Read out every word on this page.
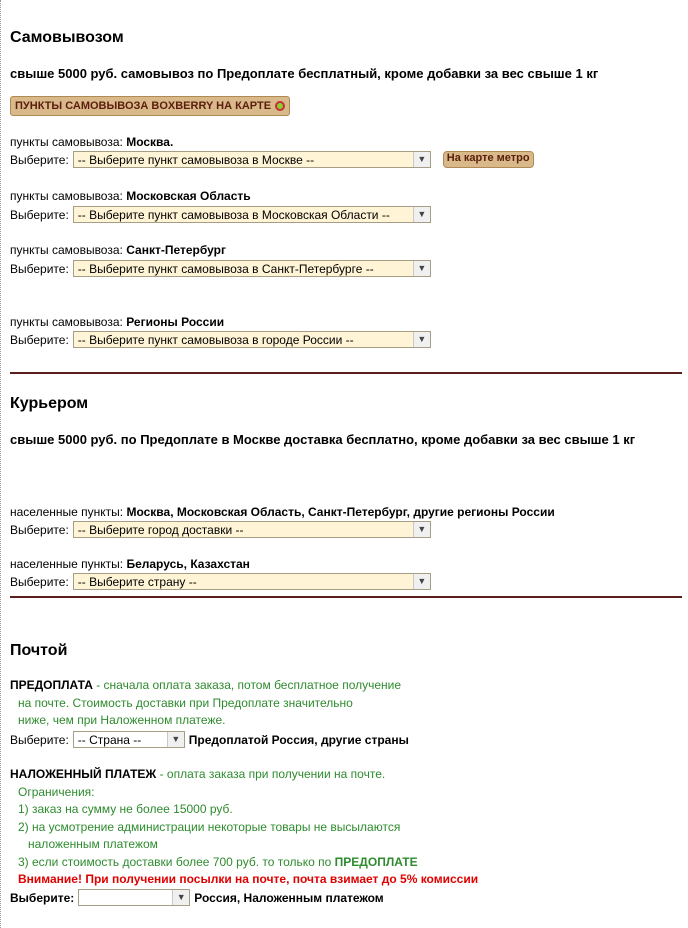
Самовывозом
свыше 5000 руб. самовывоз по Предоплате бесплатный, кроме добавки за вес свыше 1 кг
ПУНКТЫ САМОВЫВОЗА BOXBERRY НА КАРТЕ
пункты самовывоза: Москва.
Выберите: -- Выберите пункт самовывоза в Москве --	▼	На карте метро
пункты самовывоза: Московская Область
Выберите: -- Выберите пункт самовывоза в Московская Области --	▼
пункты самовывоза: Санкт-Петербург
Выберите: -- Выберите пункт самовывоза в Санкт-Петербурге --	▼
пункты самовывоза: Регионы России
Выберите: -- Выберите пункт самовывоза в городе России --	▼
Курьером
свыше 5000 руб. по Предоплате в Москве доставка бесплатно, кроме добавки за вес свыше 1 кг
населенные пункты: Москва, Московская Область, Санкт-Петербург, другие регионы России
Выберите: -- Выберите город доставки --	▼
населенные пункты: Беларусь, Казахстан
Выберите: -- Выберите страну --	▼
Почтой
ПРЕДОПЛАТА - сначала оплата заказа, потом бесплатное получение
на почте. Стоимость доставки при Предоплате значительно
ниже, чем при Наложенном платеже.
Выберите: -- Страна --	▼ Предоплатой Россия, другие страны
НАЛОЖЕННЫЙ ПЛАТЕЖ - оплата заказа при получении на почте.
Ограничения:
1) заказ на сумму не более 15000 руб.
2) на усмотрение администрации некоторые товары не высылаются
наложенным платежом
3) если стоимость доставки более 700 руб. то только по ПРЕДОПЛАТЕ
Внимание! При получении посылки на почте, почта взимает до 5% комиссии
Выберите:	▼ Россия, Наложенным платежом
